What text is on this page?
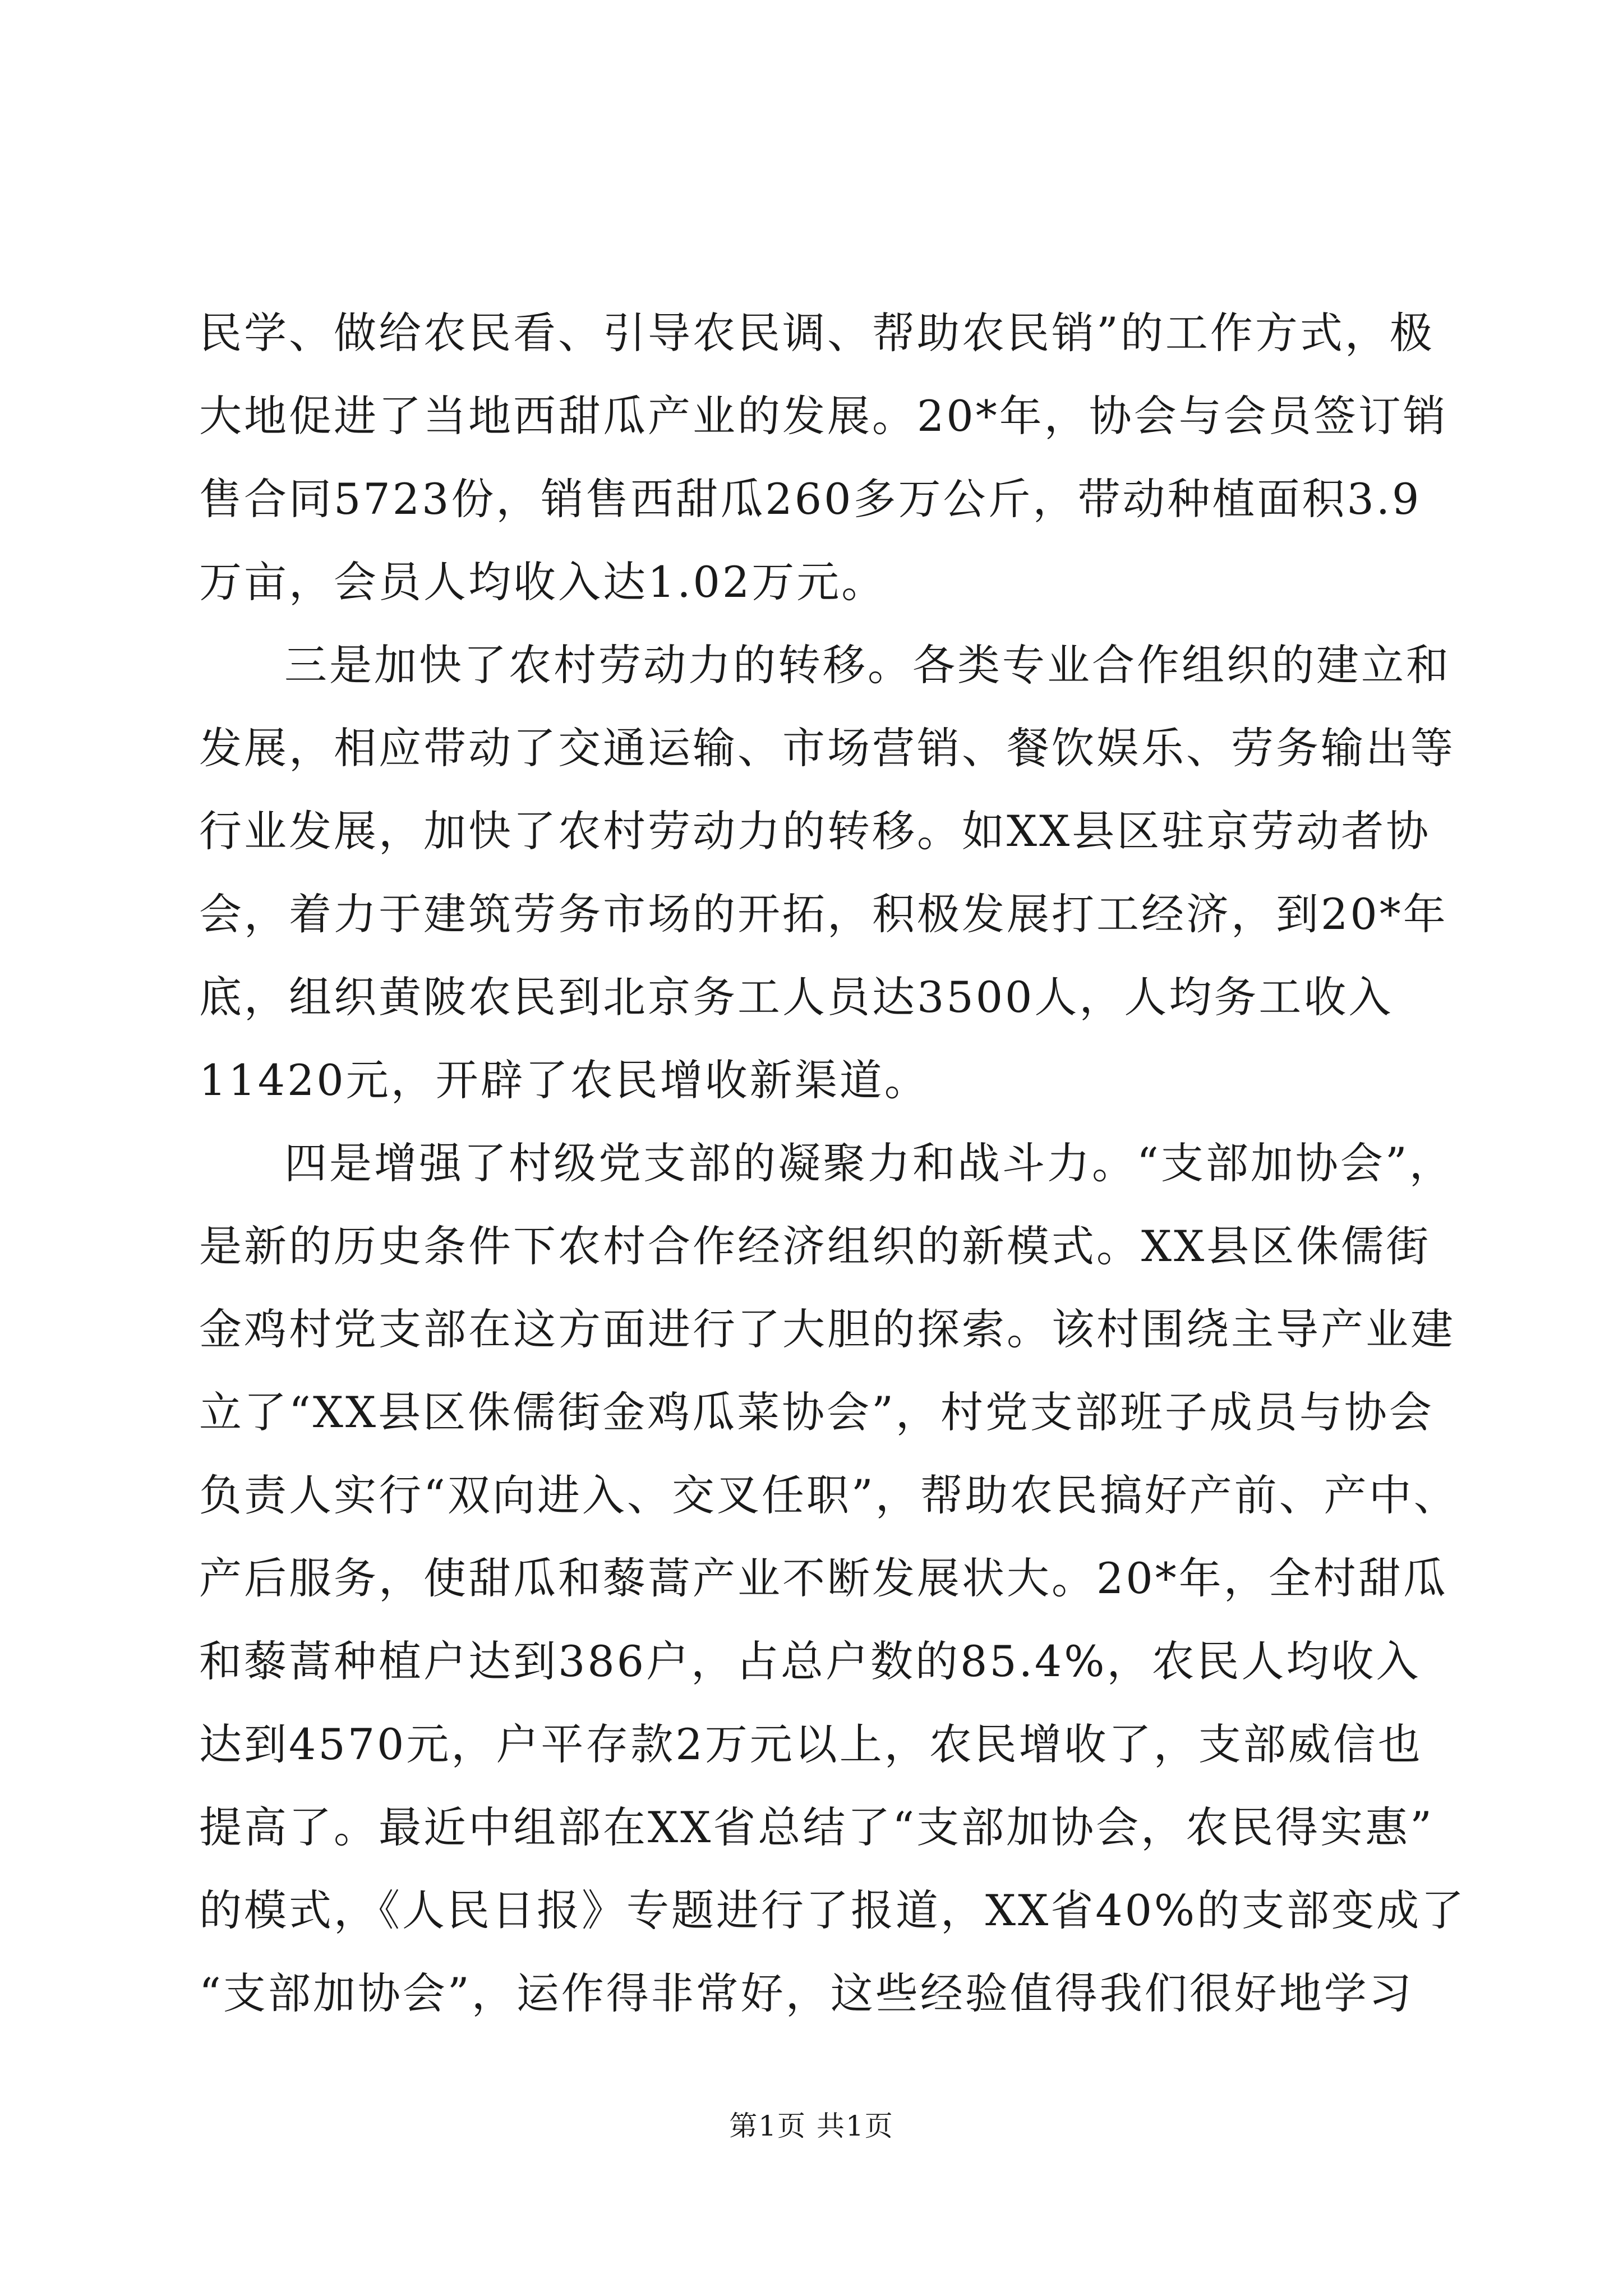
民学、做给农民看、引导农民调、帮助农民销”的工作方式，极
大地促进了当地西甜瓜产业的发展。20*年，协会与会员签订销
售合同5723份，销售西甜瓜260多万公斤，带动种植面积3.9
万亩，会员人均收入达1.02万元。
三是加快了农村劳动力的转移。各类专业合作组织的建立和
发展，相应带动了交通运输、市场营销、餐饮娱乐、劳务输出等
行业发展，加快了农村劳动力的转移。如XX县区驻京劳动者协
会，着力于建筑劳务市场的开拓，积极发展打工经济，到20*年
底，组织黄陂农民到北京务工人员达3500人，人均务工收入
11420元，开辟了农民增收新渠道。
四是增强了村级党支部的凝聚力和战斗力。“支部加协会”，
是新的历史条件下农村合作经济组织的新模式。XX县区侏儒街
金鸡村党支部在这方面进行了大胆的探索。该村围绕主导产业建
立了“XX县区侏儒街金鸡瓜菜协会”，村党支部班子成员与协会
负责人实行“双向进入、交叉任职”，帮助农民搞好产前、产中、
产后服务，使甜瓜和藜蒿产业不断发展状大。20*年，全村甜瓜
和藜蒿种植户达到386户，占总户数的85.4%，农民人均收入
达到4570元，户平存款2万元以上，农民增收了，支部威信也
提高了。最近中组部在XX省总结了“支部加协会，农民得实惠”
的模式，《人民日报》专题进行了报道，XX省40%的支部变成了
“支部加协会”，运作得非常好，这些经验值得我们很好地学习
第1页 共1页
